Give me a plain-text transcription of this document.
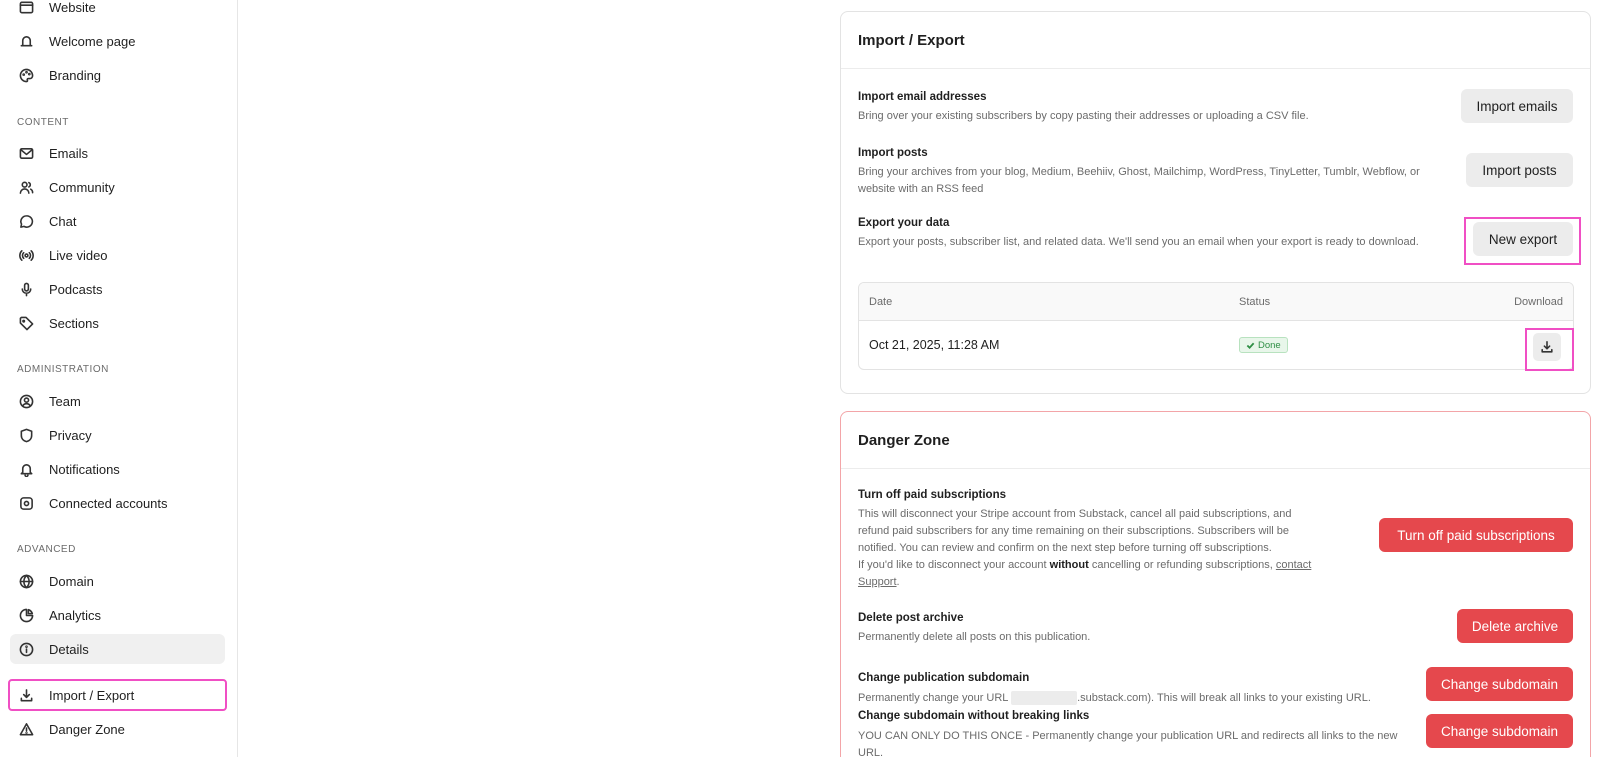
Website
Welcome page
Branding
CONTENT
Emails
Community
Chat
Live video
Podcasts
Sections
ADMINISTRATION
Team
Privacy
Notifications
Connected accounts
ADVANCED
Domain
Analytics
Details
Import / Export
Danger Zone
Import / Export
Import email addresses
Bring over your existing subscribers by copy pasting their addresses or uploading a CSV file.
Import emails
Import posts
Bring your archives from your blog, Medium, Beehiiv, Ghost, Mailchimp, WordPress, TinyLetter, Tumblr, Webflow, or website with an RSS feed
Import posts
Export your data
Export your posts, subscriber list, and related data. We'll send you an email when your export is ready to download.	New export
Date	Status	Download
Oct 21, 2025, 11:28 AM	Done
Danger Zone
Turn off paid subscriptions
This will disconnect your Stripe account from Substack, cancel all paid subscriptions, and
refund paid subscribers for any time remaining on their subscriptions. Subscribers will be
notified. You can review and confirm on the next step before turning off subscriptions.
If you'd like to disconnect your account without cancelling or refunding subscriptions, contact
Support.
Turn off paid subscriptions
Delete post archive
Permanently delete all posts on this publication.
Delete archive
Change publication subdomain
Permanently change your URL	.substack.com). This will break all links to your existing URL.
Change subdomain
Change subdomain without breaking links
YOU CAN ONLY DO THIS ONCE - Permanently change your publication URL and redirects all links to the new URL.
Change subdomain
